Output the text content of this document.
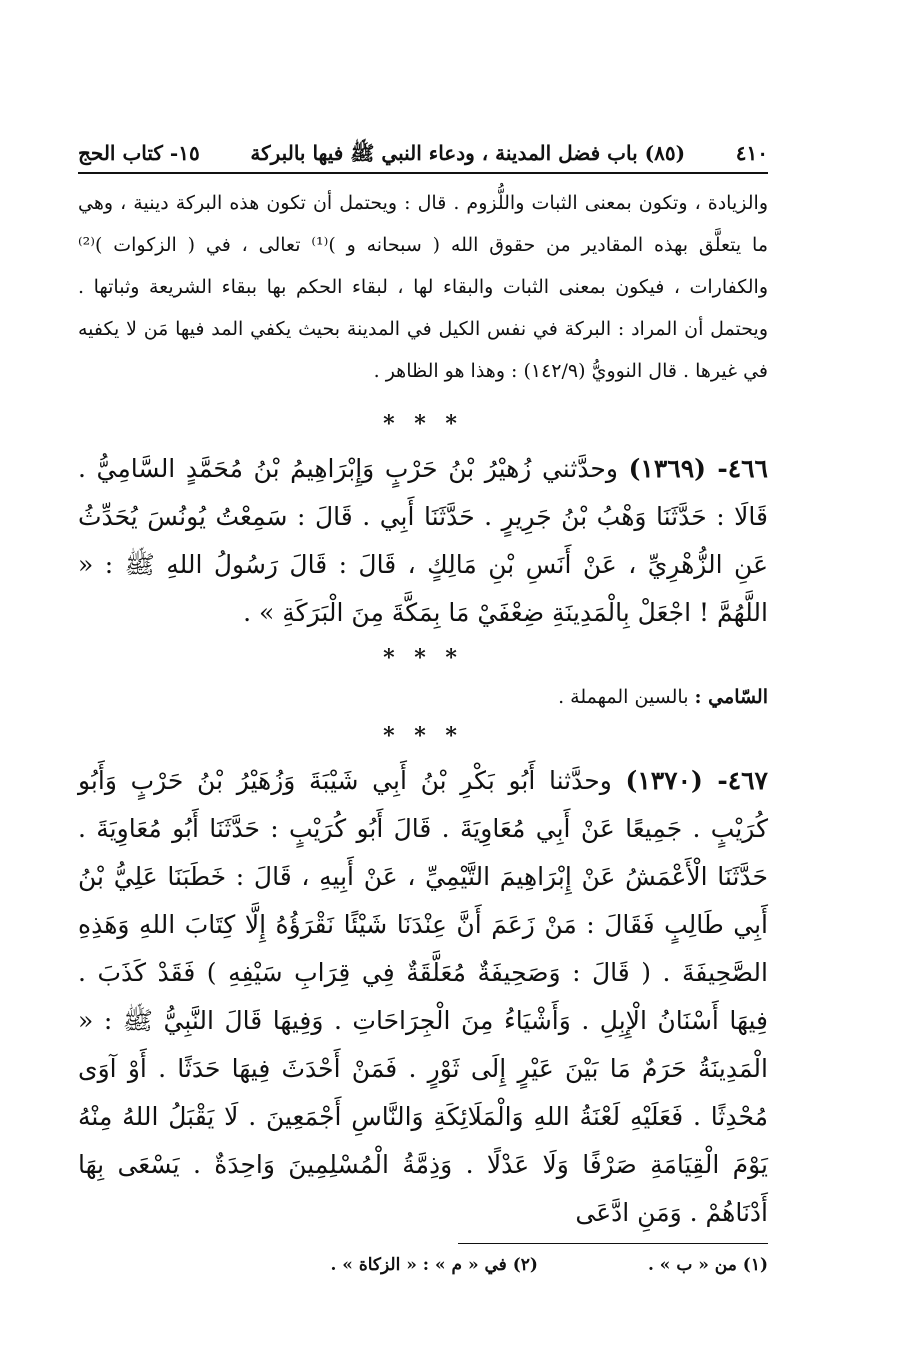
٤١٠
(٨٥) باب فضل المدينة ، ودعاء النبي ﷺ فيها بالبركة
١٥- كتاب الحج

والزيادة ، وتكون بمعنى الثبات واللُّزوم . قال : ويحتمل أن تكون هذه البركة دينية ، وهي ما يتعلَّق بهذه المقادير من حقوق الله ( سبحانه و )⁽¹⁾ تعالى ، في ( الزكوات )⁽²⁾ والكفارات ، فيكون بمعنى الثبات والبقاء لها ، لبقاء الحكم بها ببقاء الشريعة وثباتها . ويحتمل أن المراد : البركة في نفس الكيل في المدينة بحيث يكفي المد فيها مَن لا يكفيه في غيرها . قال النوويُّ (١٤٢/٩) : وهذا هو الظاهر .

* * *

٤٦٦- (١٣٦٩) وحدَّثني زُهيْرُ بْنُ حَرْبٍ وَإِبْرَاهِيمُ بْنُ مُحَمَّدٍ السَّامِيُّ . قَالَا : حَدَّثَنَا وَهْبُ بْنُ جَرِيرٍ . حَدَّثَنَا أَبِي . قَالَ : سَمِعْتُ يُونُسَ يُحَدِّثُ عَنِ الزُّهْرِيِّ ، عَنْ أَنَسِ بْنِ مَالِكٍ ، قَالَ : قَالَ رَسُولُ اللهِ ﷺ : « اللَّهُمَّ ! اجْعَلْ بِالْمَدِينَةِ ضِعْفَيْ مَا بِمَكَّةَ مِنَ الْبَرَكَةِ » .

* * *

السّامي : بالسين المهملة .

* * *

٤٦٧- (١٣٧٠) وحدَّثنا أَبُو بَكْرِ بْنُ أَبِي شَيْبَةَ وَزُهَيْرُ بْنُ حَرْبٍ وَأَبُو كُرَيْبٍ . جَمِيعًا عَنْ أَبِي مُعَاوِيَةَ . قَالَ أَبُو كُرَيْبٍ : حَدَّثَنَا أَبُو مُعَاوِيَةَ . حَدَّثَنَا الْأَعْمَشُ عَنْ إِبْرَاهِيمَ التَّيْمِيِّ ، عَنْ أَبِيهِ ، قَالَ : خَطَبَنَا عَلِيُّ بْنُ أَبِي طَالِبٍ فَقَالَ : مَنْ زَعَمَ أَنَّ عِنْدَنَا شَيْئًا نَقْرَؤُهُ إِلَّا كِتَابَ اللهِ وَهَذِهِ الصَّحِيفَةَ . ( قَالَ : وَصَحِيفَةٌ مُعَلَّقَةٌ فِي قِرَابِ سَيْفِهِ ) فَقَدْ كَذَبَ . فِيهَا أَسْنَانُ الْإِبِلِ . وَأَشْيَاءُ مِنَ الْجِرَاحَاتِ . وَفِيهَا قَالَ النَّبِيُّ ﷺ : « الْمَدِينَةُ حَرَمٌ مَا بَيْنَ عَيْرٍ إِلَى ثَوْرٍ . فَمَنْ أَحْدَثَ فِيهَا حَدَثًا . أَوْ آوَى مُحْدِثًا . فَعَلَيْهِ لَعْنَةُ اللهِ وَالْمَلَائِكَةِ وَالنَّاسِ أَجْمَعِينَ . لَا يَقْبَلُ اللهُ مِنْهُ يَوْمَ الْقِيَامَةِ صَرْفًا وَلَا عَدْلًا . وَذِمَّةُ الْمُسْلِمِينَ وَاحِدَةٌ . يَسْعَى بِهَا أَدْنَاهُمْ . وَمَنِ ادَّعَى

(١) من « ب » .
(٢) في « م » : « الزكاة » .
